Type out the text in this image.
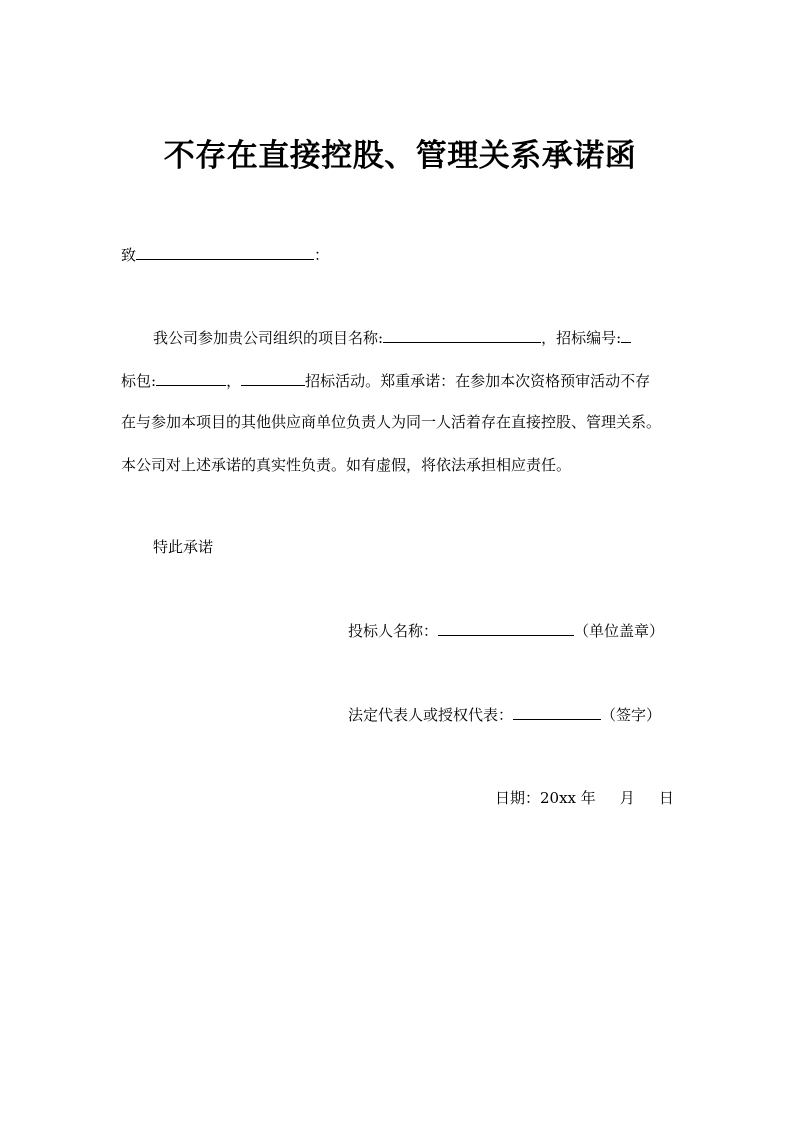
不存在直接控股、管理关系承诺函
致	：
我公司参加贵公司组织的项目名称:	，招标编号:
标包:	，	招标活动。郑重承诺：在参加本次资格预审活动不存
在与参加本项目的其他供应商单位负责人为同一人活着存在直接控股、管理关系。
本公司对上述承诺的真实性负责。如有虚假，将依法承担相应责任。
特此承诺
投标人名称：	（单位盖章）
法定代表人或授权代表：	（签字）
日期：20xx 年 月 日
